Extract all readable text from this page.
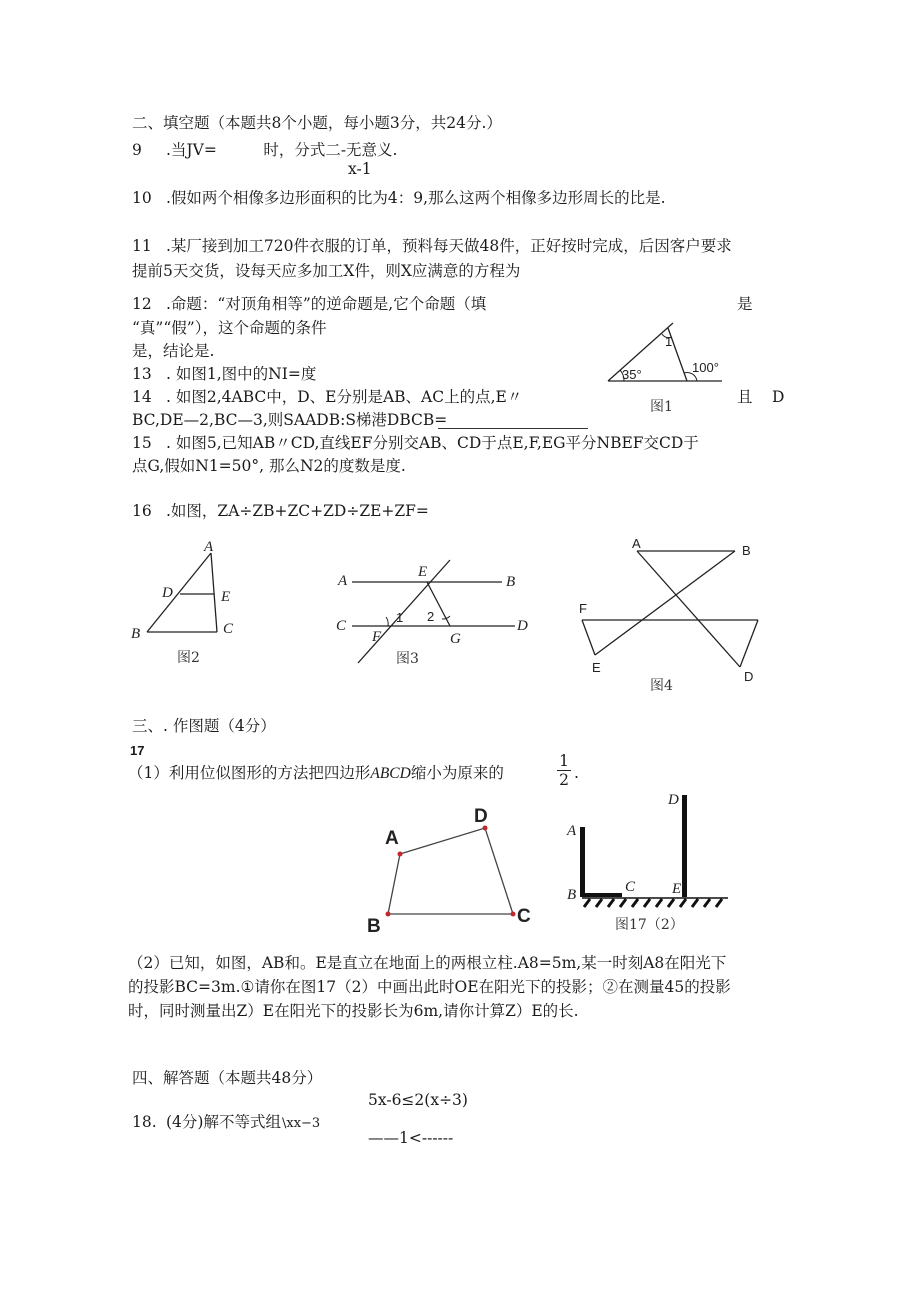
二、填空题（本题共8个小题，每小题3分，共24分.）
9 .当JV=　　　时，分式二-无意义.
x-1
10 .假如两个相像多边形面积的比为4：9,那么这两个相像多边形周长的比是.
11 .某厂接到加工720件衣服的订单，预料每天做48件，正好按时完成，后因客户要求
提前5天交货，设每天应多加工X件，则X应满意的方程为
12 .命题：“对顶角相等”的逆命题是,它个命题（填	是
“真”“假”），这个命题的条件
是，结论是.
13 . 如图1,图中的NI=度
14 . 如图2,4ABC中，D、E分别是AB、AC上的点,E〃	且 D
BC,DE—2,BC—3,则SAADB:S梯港DBCB=
15 . 如图5,已知AB〃CD,直线EF分别交AB、CD于点E,F,EG平分NBEF交CD于
点G,假如N1=50°, 那么N2的度数是度.
16 .如图，ZA÷ZB+ZC+ZD÷ZE+ZF=
35°	100°
1
图1
A
D	E
B	C
图2
A
E
B
C	D
F	G
1 2
图3
A	B
F
E
D
图4
三、. 作图题（4分）
17
（1）利用位似图形的方法把四边形ABCD缩小为原来的	$\frac{1}{2}$ .
A
D
C
B
D
A
B	C E
图17（2）
（2）已知，如图，AB和。E是直立在地面上的两根立柱.A8=5m,某一时刻A8在阳光下
的投影BC=3m.①请你在图17（2）中画出此时OE在阳光下的投影；②在测量45的投影
时，同时测量出Z）E在阳光下的投影长为6m,请你计算Z）E的长.
四、解答题（本题共48分）
5x-6≤2(x÷3)
18. (4分)解不等式组 \xx−3
——1<------
